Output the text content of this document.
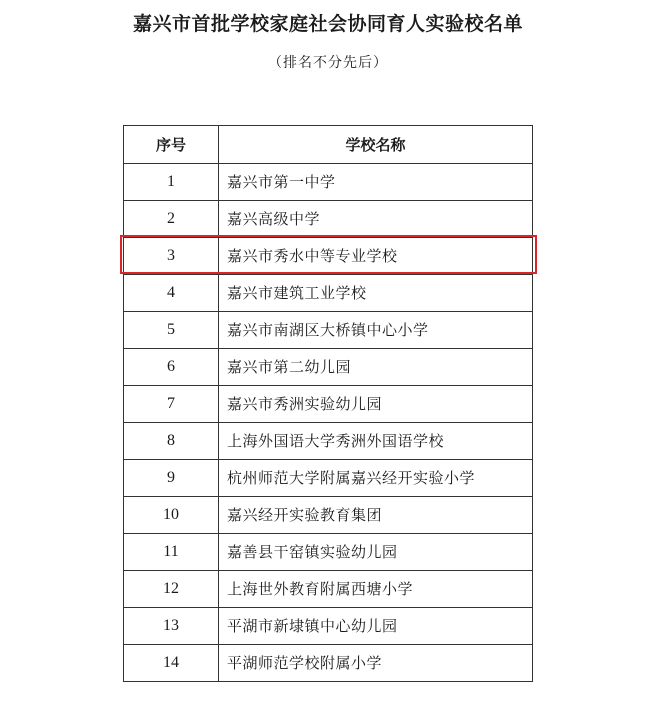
嘉兴市首批学校家庭社会协同育人实验校名单
（排名不分先后）
序号	学校名称
1	嘉兴市第一中学
2	嘉兴高级中学
3	嘉兴市秀水中等专业学校
4	嘉兴市建筑工业学校
5	嘉兴市南湖区大桥镇中心小学
6	嘉兴市第二幼儿园
7	嘉兴市秀洲实验幼儿园
8	上海外国语大学秀洲外国语学校
9	杭州师范大学附属嘉兴经开实验小学
10	嘉兴经开实验教育集团
11	嘉善县干窑镇实验幼儿园
12	上海世外教育附属西塘小学
13	平湖市新埭镇中心幼儿园
14	平湖师范学校附属小学
